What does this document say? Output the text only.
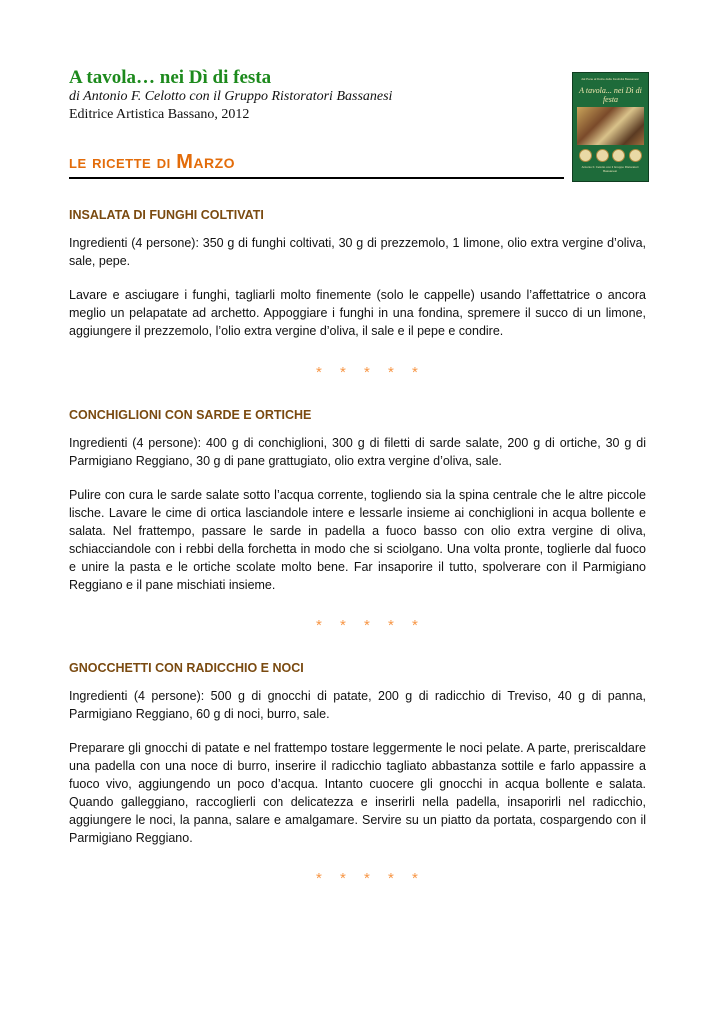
A tavola… nei Dì di festa
di Antonio F. Celotto con il Gruppo Ristoratori Bassanesi
Editrice Artistica Bassano, 2012
dal Pane al Dolce delle Festività Bassanesi
A tavola... nei Dì di festa
Antonio F. Celotto con il Gruppo Ristoratori Bassanesi
le ricette di Marzo
INSALATA DI FUNGHI COLTIVATI

Ingredienti (4 persone): 350 g di funghi coltivati, 30 g di prezzemolo, 1 limone, olio extra vergine d’oliva, sale, pepe.

Lavare e asciugare i funghi, tagliarli molto finemente (solo le cappelle) usando l’affettatrice o ancora meglio un pelapatate ad archetto. Appoggiare i funghi in una fondina, spremere il succo di un limone, aggiungere il prezzemolo, l’olio extra vergine d’oliva, il sale e il pepe e condire.

* * * * *
CONCHIGLIONI CON SARDE E ORTICHE

Ingredienti (4 persone): 400 g di conchiglioni, 300 g di filetti di sarde salate, 200 g di ortiche, 30 g di Parmigiano Reggiano, 30 g di pane grattugiato, olio extra vergine d’oliva, sale.

Pulire con cura le sarde salate sotto l’acqua corrente, togliendo sia la spina centrale che le altre piccole lische. Lavare le cime di ortica lasciandole intere e lessarle insieme ai conchiglioni in acqua bollente e salata. Nel frattempo, passare le sarde in padella a fuoco basso con olio extra vergine di oliva, schiacciandole con i rebbi della forchetta in modo che si sciolgano. Una volta pronte, toglierle dal fuoco e unire la pasta e le ortiche scolate molto bene. Far insaporire il tutto, spolverare con il Parmigiano Reggiano e il pane mischiati insieme.

* * * * *
GNOCCHETTI CON RADICCHIO E NOCI

Ingredienti (4 persone): 500 g di gnocchi di patate, 200 g di radicchio di Treviso, 40 g di panna, Parmigiano Reggiano, 60 g di noci, burro, sale.

Preparare gli gnocchi di patate e nel frattempo tostare leggermente le noci pelate. A parte, preriscaldare una padella con una noce di burro, inserire il radicchio tagliato abbastanza sottile e farlo appassire a fuoco vivo, aggiungendo un poco d’acqua. Intanto cuocere gli gnocchi in acqua bollente e salata. Quando galleggiano, raccoglierli con delicatezza e inserirli nella padella, insaporirli nel radicchio, aggiungere le noci, la panna, salare e amalgamare. Servire su un piatto da portata, cospargendo con il Parmigiano Reggiano.

* * * * *
